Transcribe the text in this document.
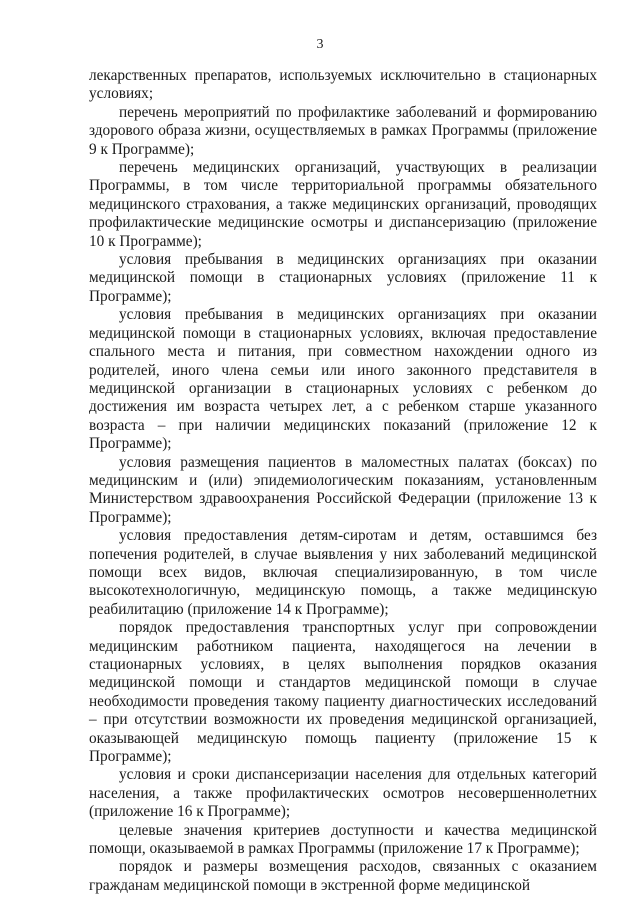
3

лекарственных препаратов, используемых исключительно в стационарных условиях;

перечень мероприятий по профилактике заболеваний и формированию здорового образа жизни, осуществляемых в рамках Программы (приложение 9 к Программе);

перечень медицинских организаций, участвующих в реализации Программы, в том числе территориальной программы обязательного медицинского страхования, а также медицинских организаций, проводящих профилактические медицинские осмотры и диспансеризацию (приложение 10 к Программе);

условия пребывания в медицинских организациях при оказании медицинской помощи в стационарных условиях (приложение 11 к Программе);

условия пребывания в медицинских организациях при оказании медицинской помощи в стационарных условиях, включая предоставление спального места и питания, при совместном нахождении одного из родителей, иного члена семьи или иного законного представителя в медицинской организации в стационарных условиях с ребенком до достижения им возраста четырех лет, а с ребенком старше указанного возраста – при наличии медицинских показаний (приложение 12 к Программе);

условия размещения пациентов в маломестных палатах (боксах) по медицинским и (или) эпидемиологическим показаниям, установленным Министерством здравоохранения Российской Федерации (приложение 13 к Программе);

условия предоставления детям-сиротам и детям, оставшимся без попечения родителей, в случае выявления у них заболеваний медицинской помощи всех видов, включая специализированную, в том числе высокотехнологичную, медицинскую помощь, а также медицинскую реабилитацию (приложение 14 к Программе);

порядок предоставления транспортных услуг при сопровождении медицинским работником пациента, находящегося на лечении в стационарных условиях, в целях выполнения порядков оказания медицинской помощи и стандартов медицинской помощи в случае необходимости проведения такому пациенту диагностических исследований – при отсутствии возможности их проведения медицинской организацией, оказывающей медицинскую помощь пациенту (приложение 15 к Программе);

условия и сроки диспансеризации населения для отдельных категорий населения, а также профилактических осмотров несовершеннолетних (приложение 16 к Программе);

целевые значения критериев доступности и качества медицинской помощи, оказываемой в рамках Программы (приложение 17 к Программе);

порядок и размеры возмещения расходов, связанных с оказанием гражданам медицинской помощи в экстренной форме медицинской
